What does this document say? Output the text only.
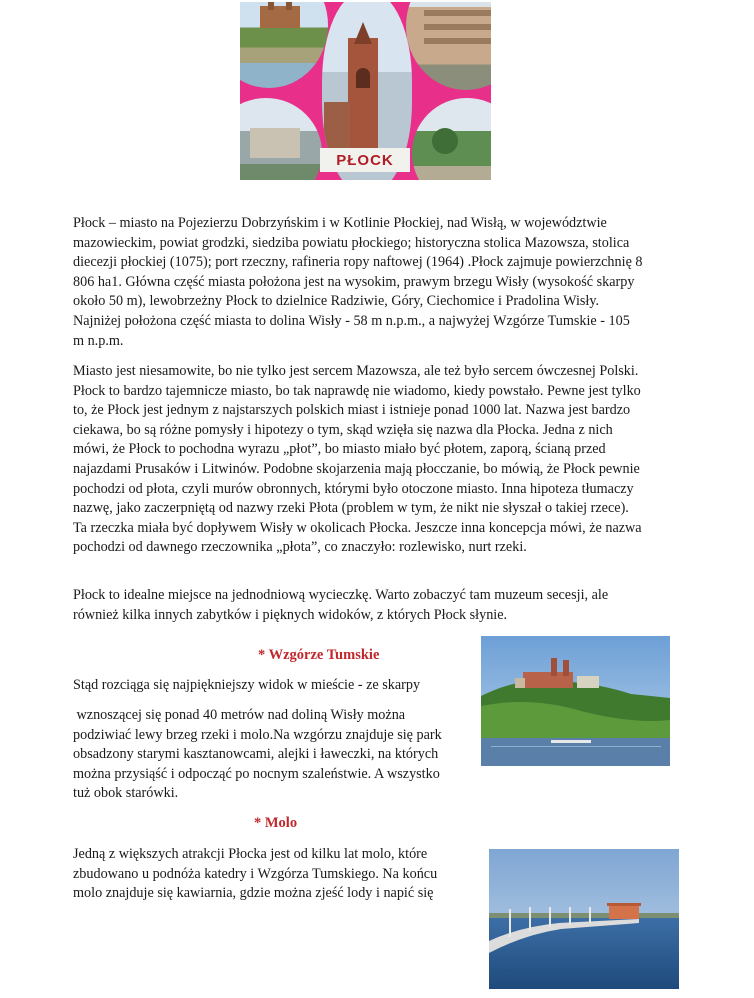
PŁOCK

Płock – miasto na Pojezierzu Dobrzyńskim i w Kotlinie Płockiej, nad Wisłą, w województwie

mazowieckim, powiat grodzki, siedziba powiatu płockiego; historyczna stolica Mazowsza, stolica

diecezji płockiej (1075); port rzeczny, rafineria ropy naftowej (1964) .Płock zajmuje powierzchnię 8

806 ha1. Główna część miasta położona jest na wysokim, prawym brzegu Wisły (wysokość skarpy

około 50 m), lewobrzeżny Płock to dzielnice Radziwie, Góry, Ciechomice i Pradolina Wisły.

Najniżej położona część miasta to dolina Wisły - 58 m n.p.m., a najwyżej Wzgórze Tumskie - 105

m n.p.m.

Miasto jest niesamowite, bo nie tylko jest sercem Mazowsza, ale też było sercem ówczesnej Polski.

Płock to bardzo tajemnicze miasto, bo tak naprawdę nie wiadomo, kiedy powstało. Pewne jest tylko

to, że Płock jest jednym z najstarszych polskich miast i istnieje ponad 1000 lat. Nazwa jest bardzo

ciekawa, bo są różne pomysły i hipotezy o tym, skąd wzięła się nazwa dla Płocka. Jedna z nich

mówi, że Płock to pochodna wyrazu „płot”, bo miasto miało być płotem, zaporą, ścianą przed

najazdami Prusaków i Litwinów. Podobne skojarzenia mają płocczanie, bo mówią, że Płock pewnie

pochodzi od płota, czyli murów obronnych, którymi było otoczone miasto. Inna hipoteza tłumaczy

nazwę, jako zaczerpniętą od nazwy rzeki Płota (problem w tym, że nikt nie słyszał o takiej rzece).

Ta rzeczka miała być dopływem Wisły w okolicach Płocka. Jeszcze inna koncepcja mówi, że nazwa

pochodzi od dawnego rzeczownika „płota”, co znaczyło: rozlewisko, nurt rzeki.

Płock to idealne miejsce na jednodniową wycieczkę. Warto zobaczyć tam muzeum secesji, ale

również kilka innych zabytków i pięknych widoków, z których Płock słynie.

* Wzgórze Tumskie

Stąd rozciąga się najpiękniejszy widok w mieście - ze skarpy

wznoszącej się ponad 40 metrów nad doliną Wisły można

podziwiać lewy brzeg rzeki i molo.Na wzgórzu znajduje się park

obsadzony starymi kasztanowcami, alejki i ławeczki, na których

można przysiąść i odpocząć po nocnym szaleństwie. A wszystko

tuż obok starówki.

* Molo

Jedną z większych atrakcji Płocka jest od kilku lat molo, które

zbudowano u podnóża katedry i Wzgórza Tumskiego. Na końcu

molo znajduje się kawiarnia, gdzie można zjeść lody i napić się
